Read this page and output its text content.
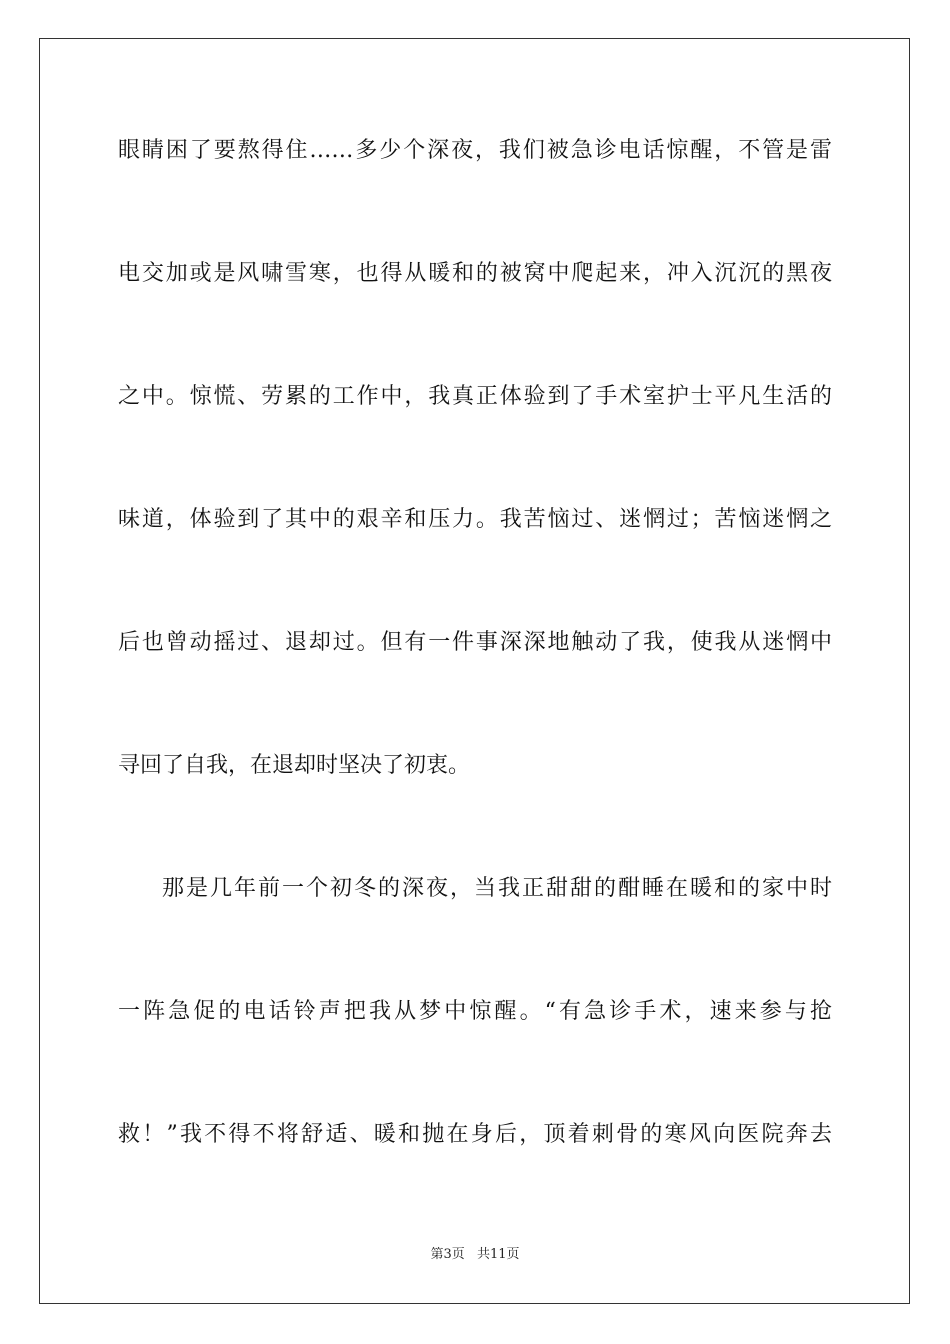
眼睛困了要熬得住……多少个深夜，我们被急诊电话惊醒，不管是雷
电交加或是风啸雪寒，也得从暖和的被窝中爬起来，冲入沉沉的黑夜
之中。惊慌、劳累的工作中，我真正体验到了手术室护士平凡生活的
味道，体验到了其中的艰辛和压力。我苦恼过、迷惘过；苦恼迷惘之
后也曾动摇过、退却过。但有一件事深深地触动了我，使我从迷惘中
寻回了自我，在退却时坚决了初衷。
那是几年前一个初冬的深夜，当我正甜甜的酣睡在暖和的家中时
一阵急促的电话铃声把我从梦中惊醒。“有急诊手术，速来参与抢
救！”我不得不将舒适、暖和抛在身后，顶着刺骨的寒风向医院奔去
第3页 共11页
